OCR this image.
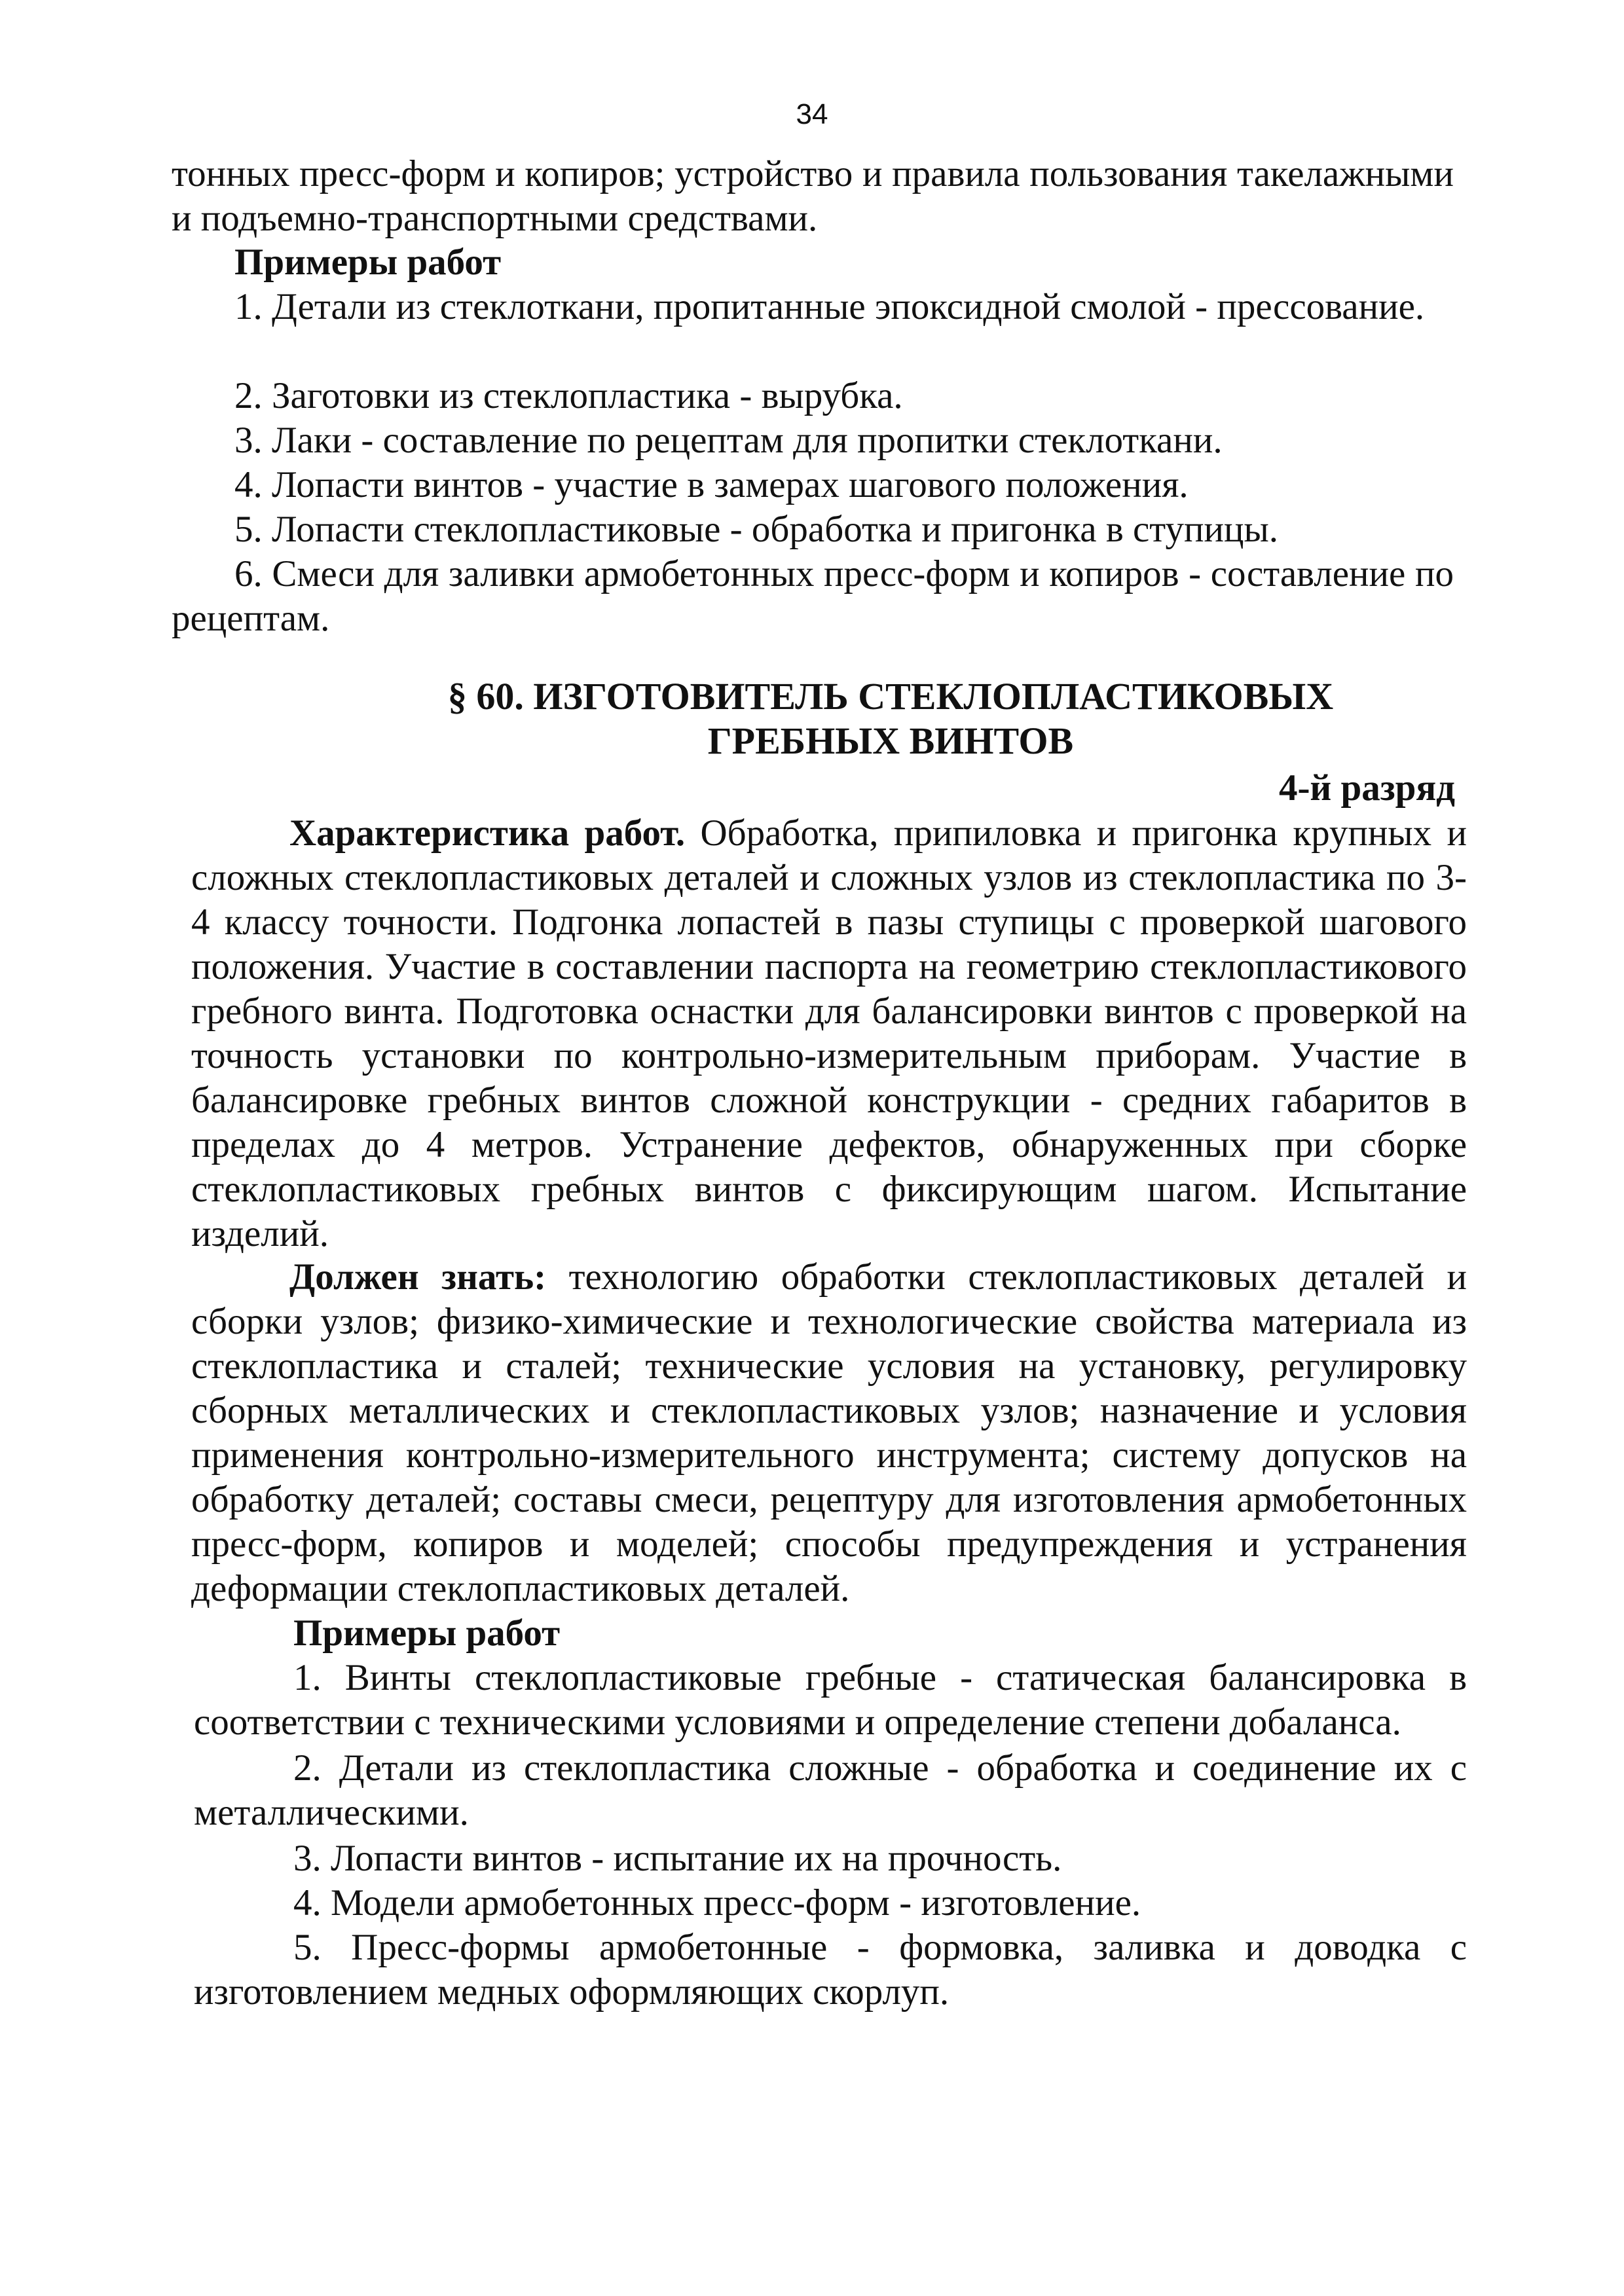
34

тонных пресс-форм и копиров; устройство и правила пользования такелажными и подъемно-транспортными средствами.

Примеры работ

1. Детали из стеклоткани, пропитанные эпоксидной смолой - прессование.

2. Заготовки из стеклопластика - вырубка.

3. Лаки - составление по рецептам для пропитки стеклоткани.

4. Лопасти винтов - участие в замерах шагового положения.

5. Лопасти стеклопластиковые - обработка и пригонка в ступицы.

6. Смеси для заливки армобетонных пресс-форм и копиров - составление по рецептам.

§ 60. ИЗГОТОВИТЕЛЬ СТЕКЛОПЛАСТИКОВЫХ

ГРЕБНЫХ ВИНТОВ

4-й разряд

Характеристика работ. Обработка, припиловка и пригонка крупных и сложных стеклопластиковых деталей и сложных узлов из стеклопластика по 3-4 классу точности. Подгонка лопастей в пазы ступицы с проверкой шагового положения. Участие в составлении паспорта на геометрию стеклопластикового гребного винта. Подготовка оснастки для балансировки винтов с проверкой на точность установки по контрольно-измерительным приборам. Участие в балансировке гребных винтов сложной конструкции - средних габаритов в пределах до 4 метров. Устранение дефектов, обнаруженных при сборке стеклопластиковых гребных винтов с фиксирующим шагом. Испытание изделий.

Должен знать: технологию обработки стеклопластиковых деталей и сборки узлов; физико-химические и технологические свойства материала из стеклопластика и сталей; технические условия на установку, регулировку сборных металлических и стеклопластиковых узлов; назначение и условия применения контрольно-измерительного инструмента; систему допусков на обработку деталей; составы смеси, рецептуру для изготовления армобетонных пресс-форм, копиров и моделей; способы предупреждения и устранения деформации стеклопластиковых деталей.

Примеры работ

1. Винты стеклопластиковые гребные - статическая балансировка в соответствии с техническими условиями и определение степени добаланса.

2. Детали из стеклопластика сложные - обработка и соединение их с металлическими.

3. Лопасти винтов - испытание их на прочность.

4. Модели армобетонных пресс-форм - изготовление.

5. Пресс-формы армобетонные - формовка, заливка и доводка с изготовлением медных оформляющих скорлуп.
